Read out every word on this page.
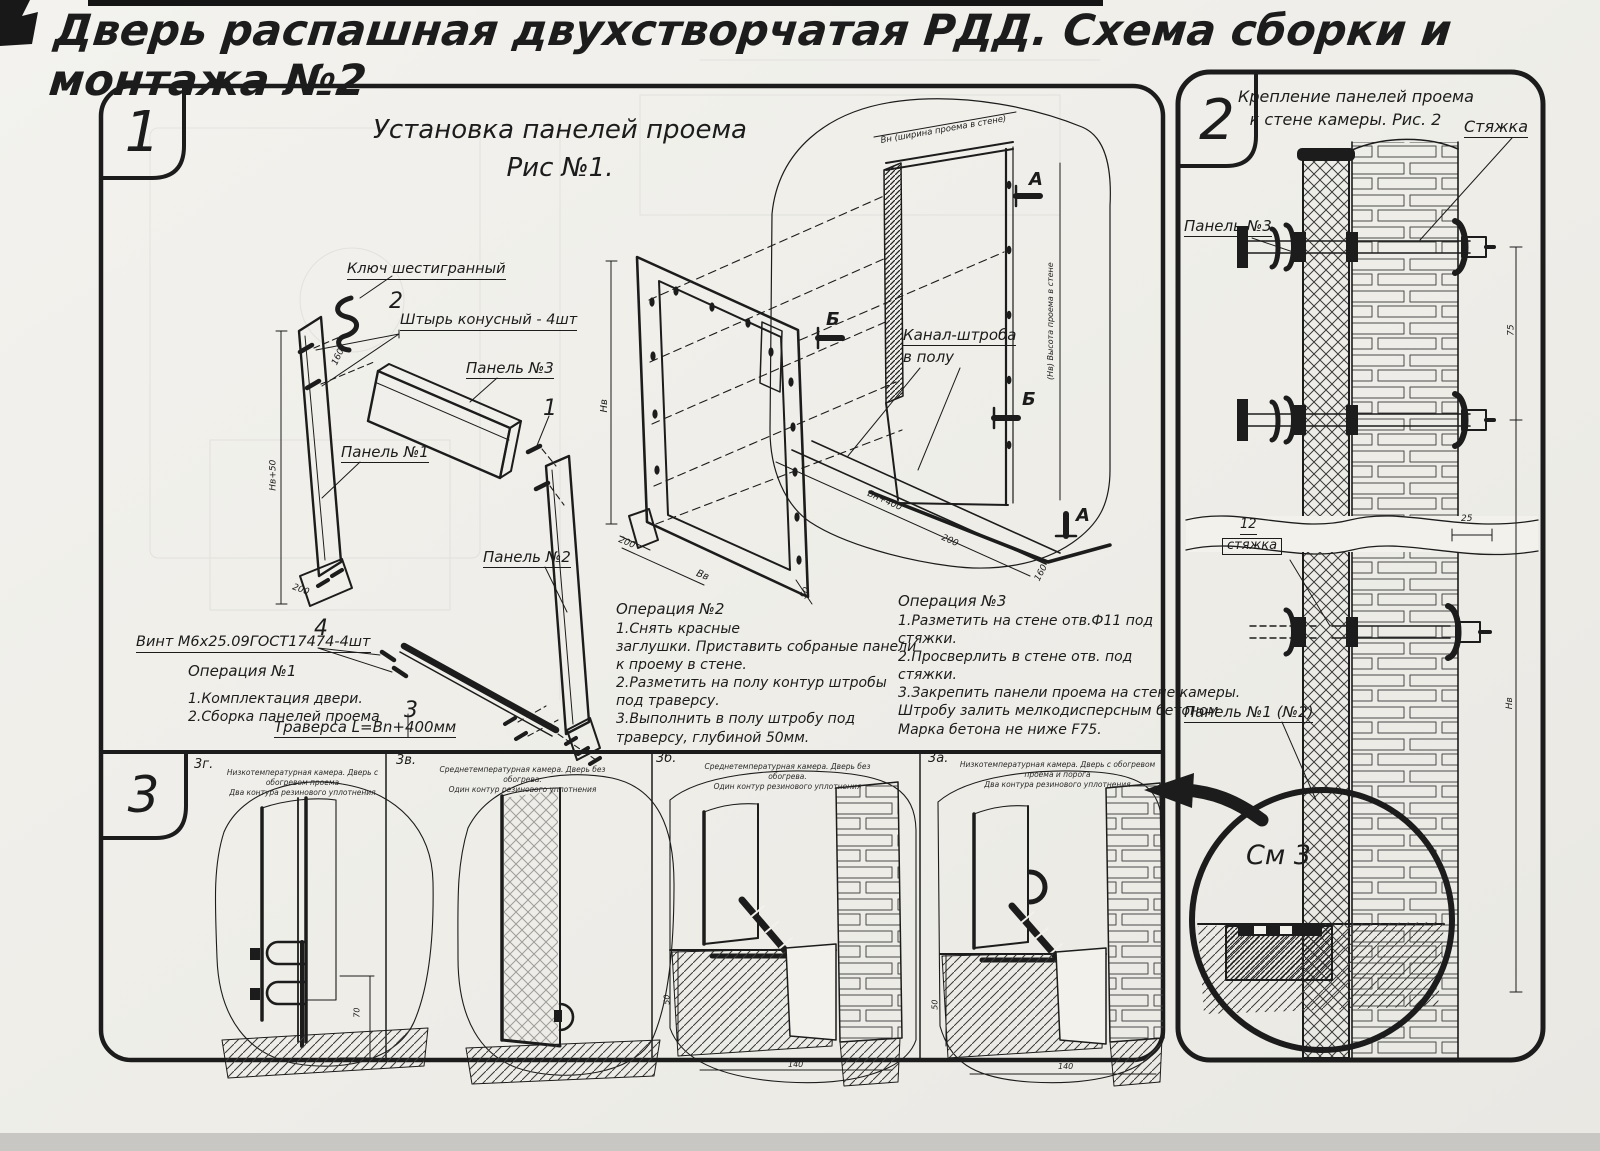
Дверь распашная двухстворчатая РДД. Схема сборки и монтажа №2
1	Установка панелей проема
Рис №1.
Ключ шестигранный
2
Штырь конусный - 4шт
Панель №3
Панель №1
Панель №2
1
4
Винт М6х25.09ГОСТ17474-4шт
3
Траверса L=Bn+400мм
Канал-штроба
в полу
А
Б
Б
А
Hв+50
200
160
Hв
200
Вв
50
Вн (ширина проема в стене)
(Hв) Высота проема в стене
Bн+400
200
160
Операция №1
1.Комплектация двери.
2.Сборка панелей проема
Операция №2
1.Снять красные
заглушки. Приставить собраные панели
к проему в стене.
2.Разметить на полу контур штробы
под траверсу.
3.Выполнить в полу штробу под
траверсу, глубиной 50мм.
Операция №3
1.Разметить на стене отв.Ф11 под
стяжки.
2.Просверлить в стене отв. под
стяжки.
3.Закрепить панели проема на стене камеры.
Штробу залить мелкодисперсным бетоном
Марка бетона не ниже F75.
3
3г.
Низкотемпературная камера. Дверь с обогревом проема
Два контура резинового уплотнения
3в.
Среднетемпературная камера. Дверь без обогрева.
Один контур резинового уплотнения
3б.
Среднетемпературная камера. Дверь без обогрева.
Один контур резинового уплотнения
3а.	Низкотемпературная камера. Дверь с обогревом проема и порога
Два контура резинового уплотнения
70
50
140
50
140
2 Крепление панелей проема
к стене камеры. Рис. 2	Стяжка
Панель №3
12
стяжка
Панель №1 (№2)
См 3
75
25
Hв
